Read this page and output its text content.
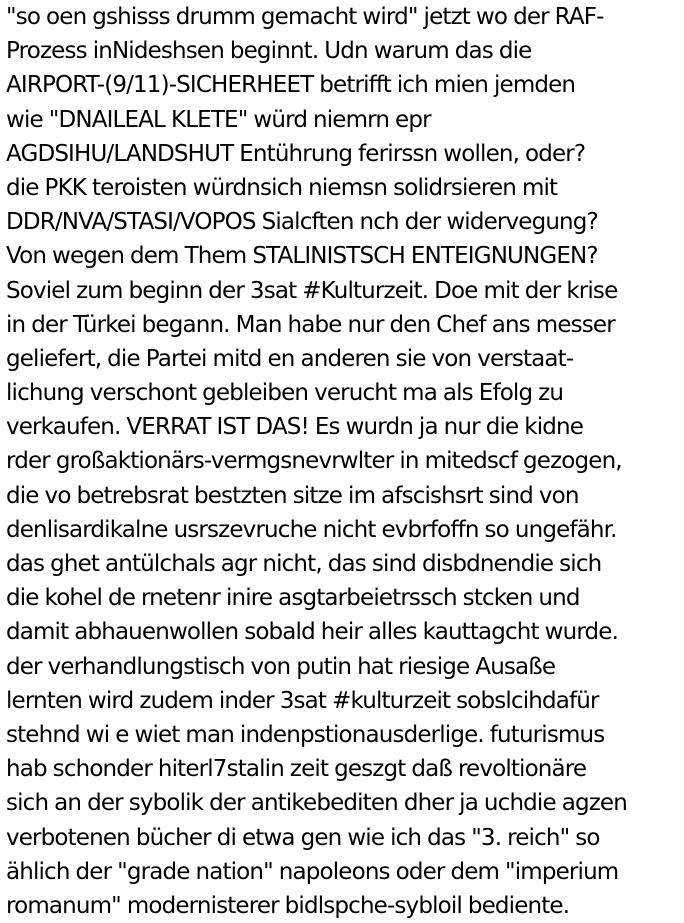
"so oen gshisss drumm gemacht wird" jetzt wo der RAF-
Prozess inNideshsen beginnt. Udn warum das die
AIRPORT-(9/11)-SICHERHEET betrifft ich mien jemden
wie "DNAILEAL KLETE" würd niemrn epr
AGDSIHU/LANDSHUT Entührung ferirssn wollen, oder?
die PKK teroisten würdnsich niemsn solidrsieren mit
DDR/NVA/STASI/VOPOS Sialcften nch der widervegung?
Von wegen dem Them STALINISTSCH ENTEIGNUNGEN?
Soviel zum beginn der 3sat #Kulturzeit. Doe mit der krise
in der Türkei begann. Man habe nur den Chef ans messer
geliefert, die Partei mitd en anderen sie von verstaat-
lichung verschont gebleiben verucht ma als Efolg zu
verkaufen. VERRAT IST DAS! Es wurdn ja nur die kidne
rder großaktionärs-vermgsnevrwlter in mitedscf gezogen,
die vo betrebsrat bestzten sitze im afscishsrt sind von
denlisardikalne usrszevruche nicht evbrfoffn so ungefähr.
das ghet antülchals agr nicht, das sind disbdnendie sich
die kohel de rnetenr inire asgtarbeietrssch stcken und
damit abhauenwollen sobald heir alles kauttagcht wurde.
der verhandlungstisch von putin hat riesige Ausaße
lernten wird zudem inder 3sat #kulturzeit sobslcihdafür
stehnd wi e wiet man indenpstionausderlige. futurismus
hab schonder hiterl7stalin zeit geszgt daß revoltionäre
sich an der sybolik der antikebediten dher ja uchdie agzen
verbotenen bücher di etwa gen wie ich das "3. reich" so
ählich der "grade nation" napoleons oder dem "imperium
romanum" modernisterer bidlspche-sybloil bediente.
